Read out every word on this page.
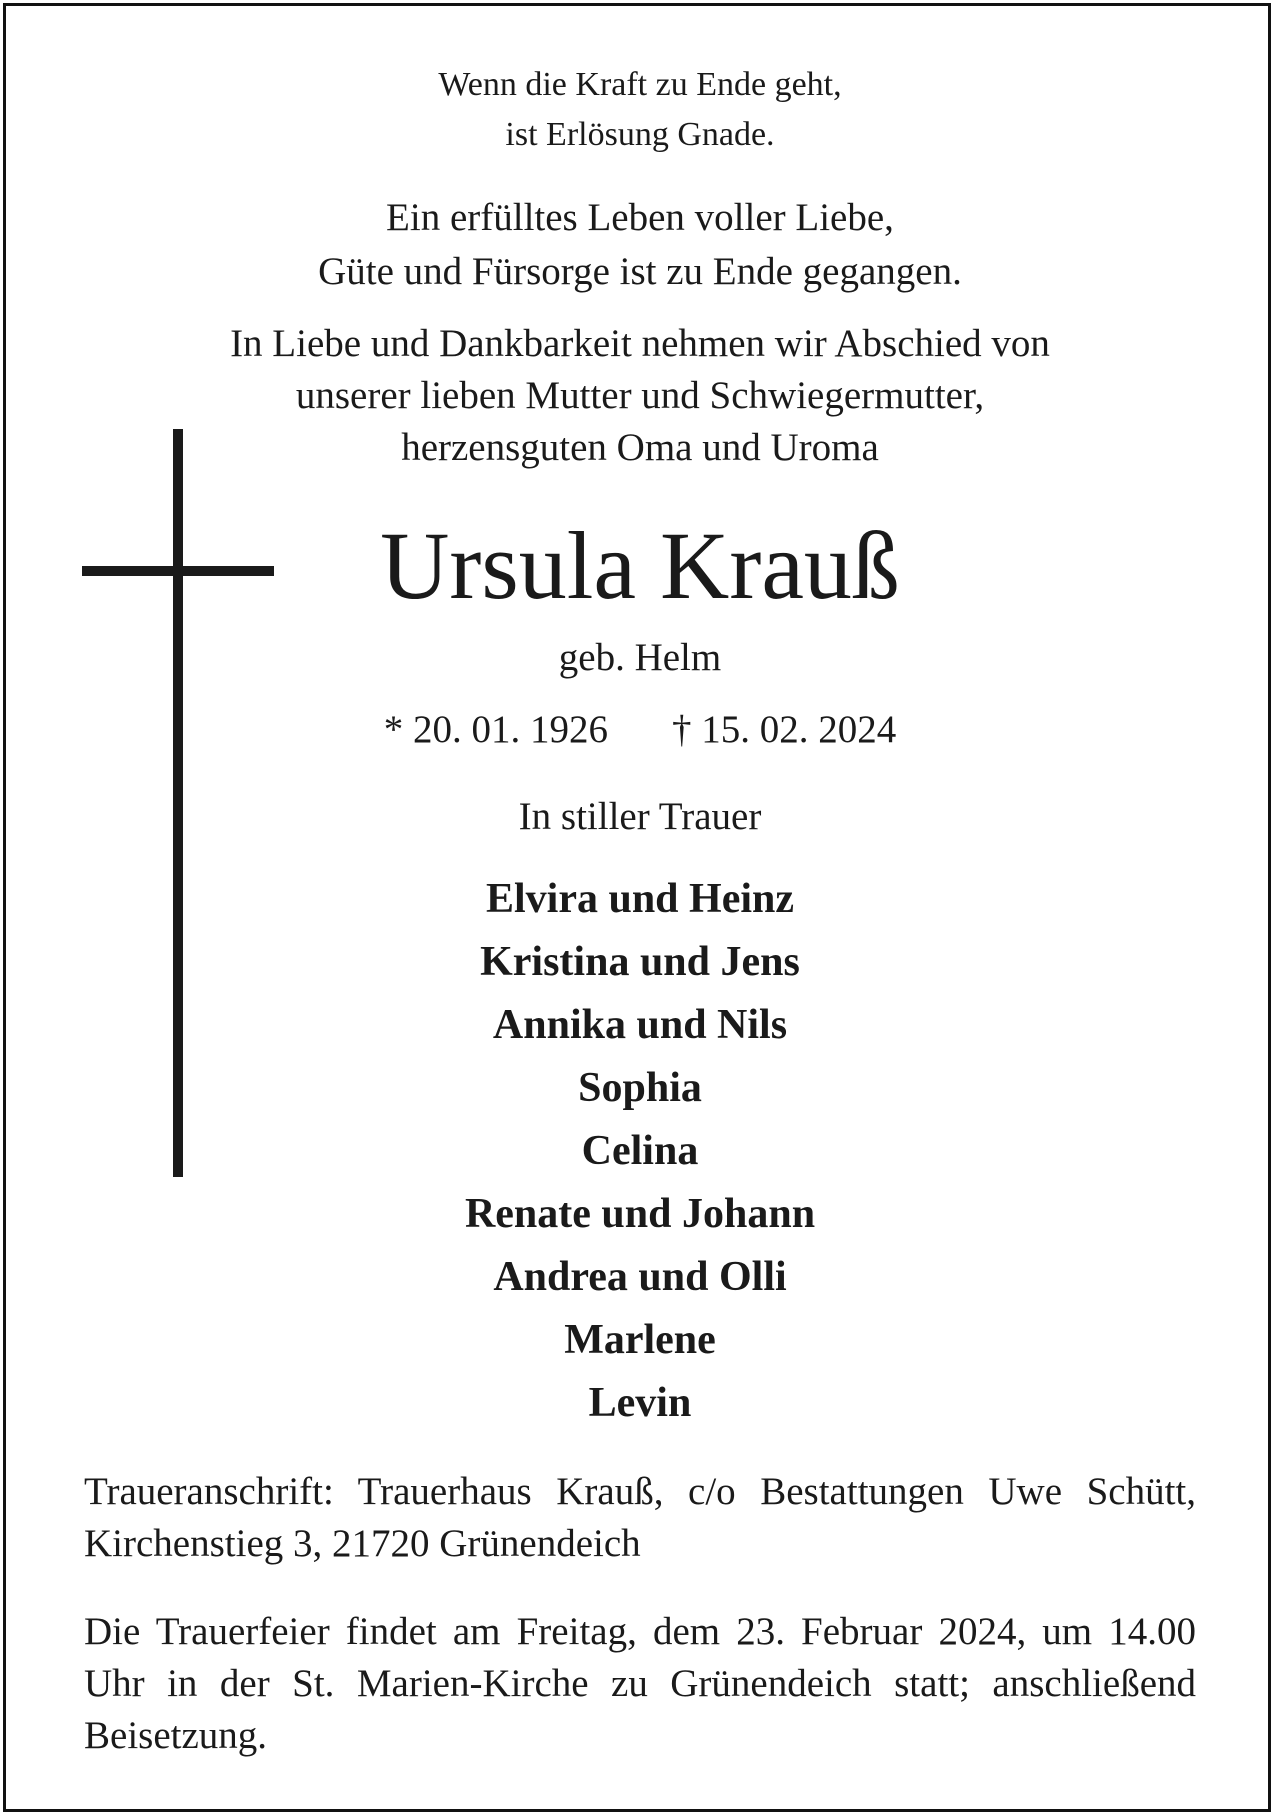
Wenn die Kraft zu Ende geht,
ist Erlösung Gnade.
Ein erfülltes Leben voller Liebe,
Güte und Fürsorge ist zu Ende gegangen.
In Liebe und Dankbarkeit nehmen wir Abschied von
unserer lieben Mutter und Schwiegermutter,
herzensguten Oma und Uroma
Ursula Krauß
geb. Helm
* 20. 01. 1926 † 15. 02. 2024
In stiller Trauer
Elvira und Heinz
Kristina und Jens
Annika und Nils
Sophia
Celina
Renate und Johann
Andrea und Olli
Marlene
Levin
Traueranschrift: Trauerhaus Krauß, c/o Bestattungen Uwe Schütt, Kirchenstieg 3, 21720 Grünendeich
Die Trauerfeier findet am Freitag, dem 23. Februar 2024, um 14.00 Uhr in der St. Marien-Kirche zu Grünendeich statt; anschließend Beisetzung.
